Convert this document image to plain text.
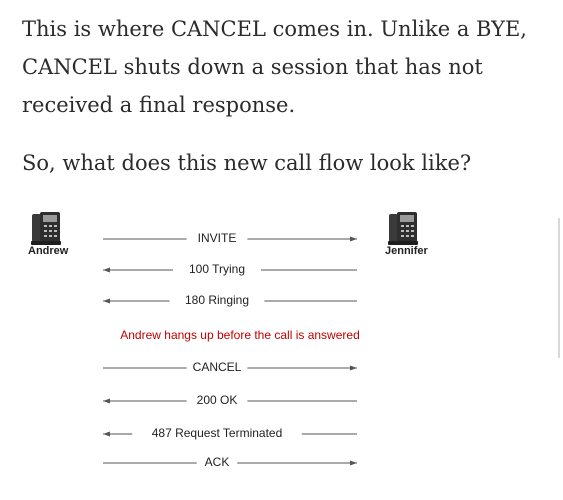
This is where CANCEL comes in. Unlike a BYE, CANCEL shuts down a session that has not received a final response.

So, what does this new call flow look like?

Andrew	Jennifer
Andrew hangs up before the call is answered
INVITE
100 Trying
180 Ringing
CANCEL
200 OK
487 Request Terminated
ACK
